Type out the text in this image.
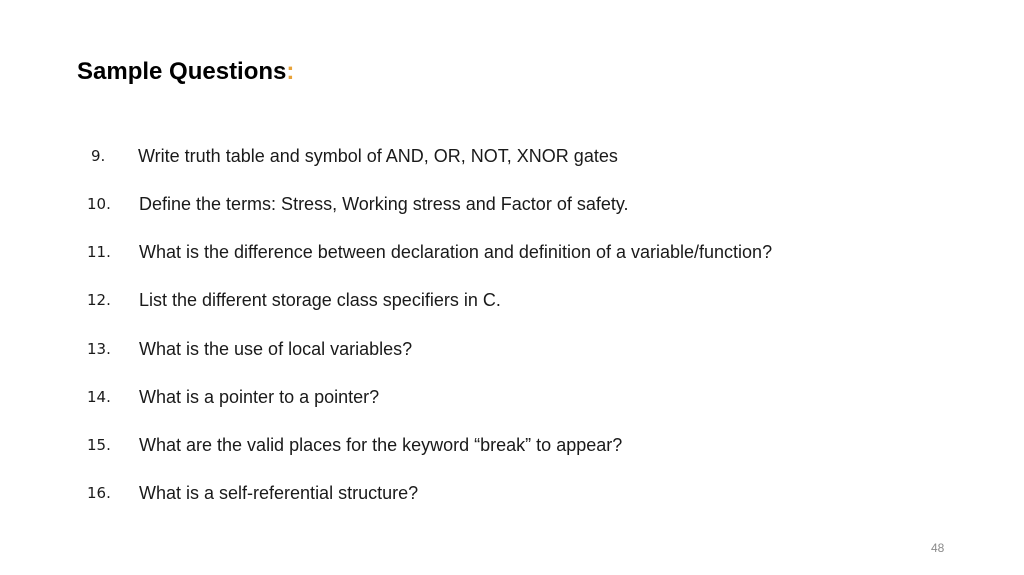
Sample Questions:
9. Write truth table and symbol of AND, OR, NOT, XNOR gates
10. Define the terms: Stress, Working stress and Factor of safety.
11. What is the difference between declaration and definition of a variable/function?
12. List the different storage class specifiers in C.
13. What is the use of local variables?
14. What is a pointer to a pointer?
15. What are the valid places for the keyword “break” to appear?
16. What is a self-referential structure?
48
